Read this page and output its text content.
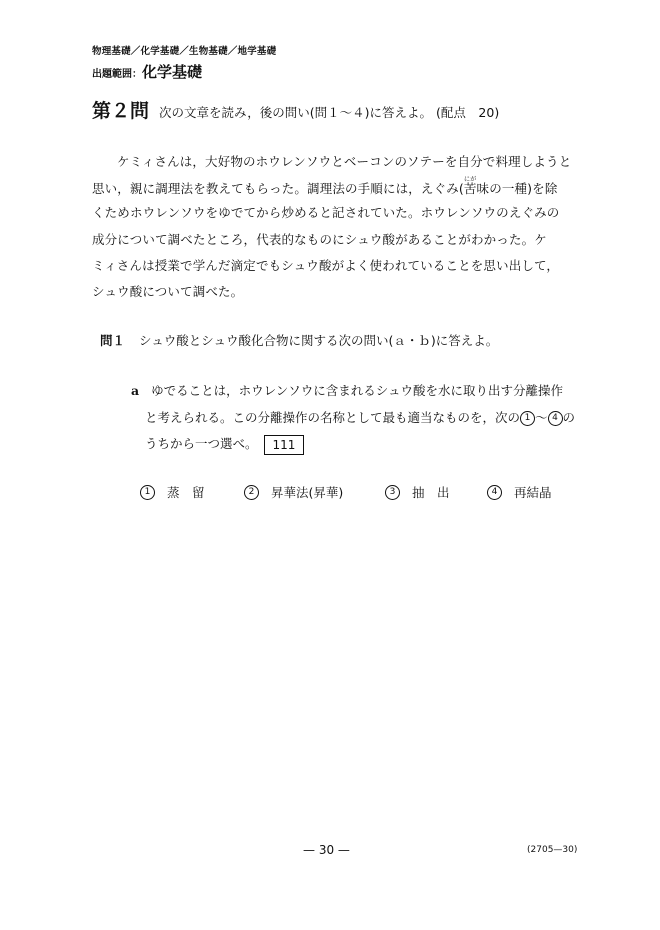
物理基礎／化学基礎／生物基礎／地学基礎
出題範囲：化学基礎
第２問 次の文章を読み，後の問い(問１～４)に答えよ。 (配点　20)
ケミィさんは，大好物のホウレンソウとベーコンのソテーを自分で料理しようと
思い，親に調理法を教えてもらった。調理法の手順には，えぐみ(苦にが味の一種)を除
くためホウレンソウをゆでてから炒めると記されていた。ホウレンソウのえぐみの
成分について調べたところ，代表的なものにシュウ酸があることがわかった。ケ
ミィさんは授業で学んだ滴定でもシュウ酸がよく使われていることを思い出して，
シュウ酸について調べた。
問１ シュウ酸とシュウ酸化合物に関する次の問い(ａ・ｂ)に答えよ。
a ゆでることは，ホウレンソウに含まれるシュウ酸を水に取り出す分離操作
と考えられる。この分離操作の名称として最も適当なものを，次の 1 ～ 4 の
うちから一つ選べ。 111
1	蒸　留	2	昇華法(昇華)	3	抽　出	4	再結晶
— 30 —	(2705—30)
